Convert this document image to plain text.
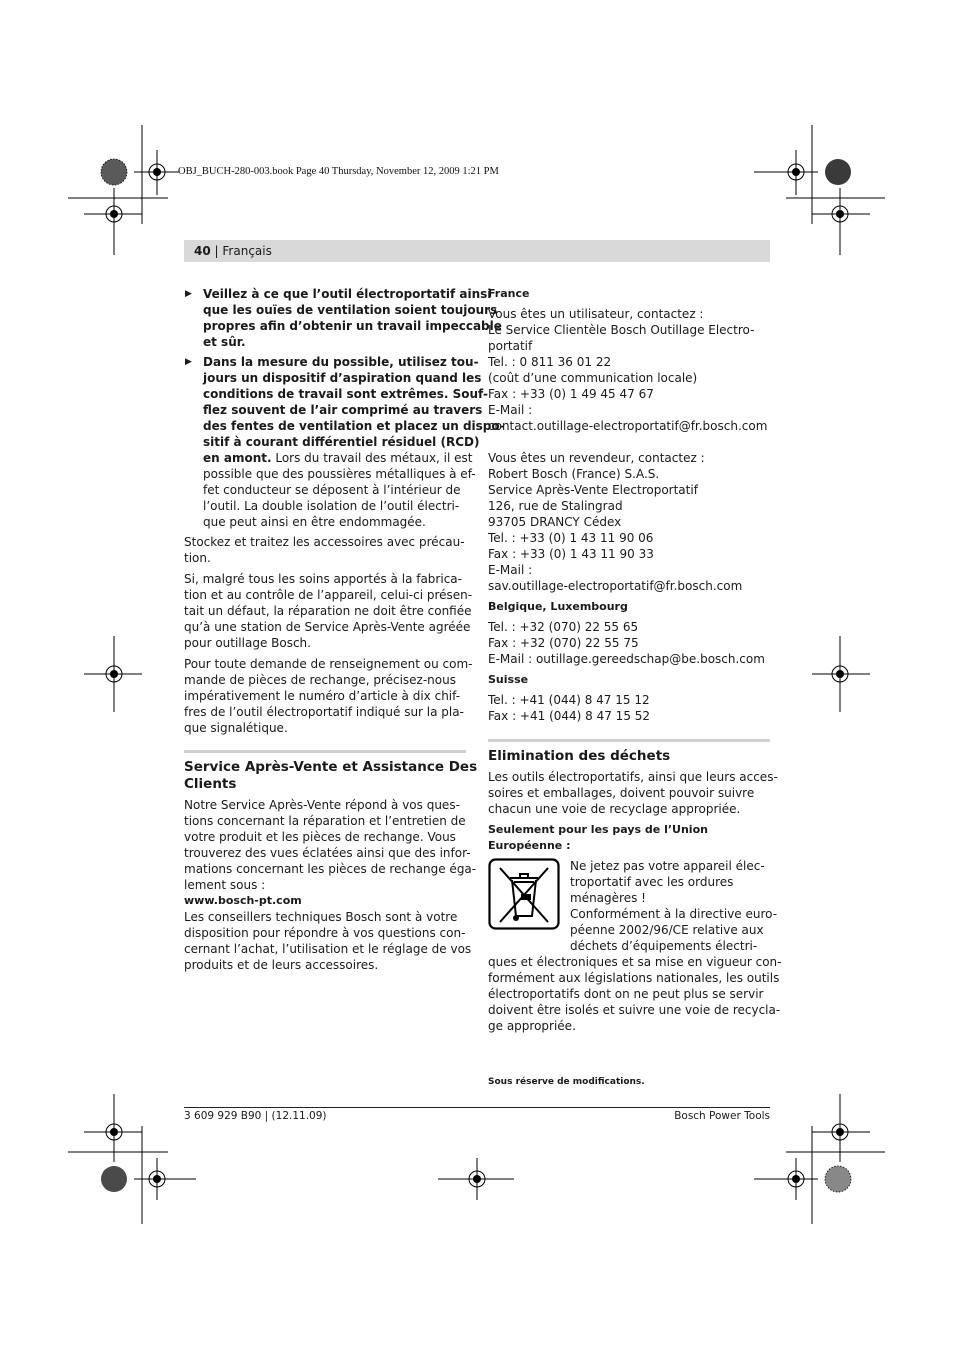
OBJ_BUCH-280-003.book Page 40 Thursday, November 12, 2009 1:21 PM
40 | Français
▶ Veillez à ce que l’outil électroportatif ainsi
que les ouïes de ventilation soient toujours
propres afin d’obtenir un travail impeccable
et sûr.
▶ Dans la mesure du possible, utilisez tou-
jours un dispositif d’aspiration quand les
conditions de travail sont extrêmes. Souf-
flez souvent de l’air comprimé au travers
des fentes de ventilation et placez un dispo-
sitif à courant différentiel résiduel (RCD)
en amont. Lors du travail des métaux, il est
possible que des poussières métalliques à ef-
fet conducteur se déposent à l’intérieur de
l’outil. La double isolation de l’outil électri-
que peut ainsi en être endommagée.
Stockez et traitez les accessoires avec précau-
tion.
Si, malgré tous les soins apportés à la fabrica-
tion et au contrôle de l’appareil, celui-ci présen-
tait un défaut, la réparation ne doit être confiée
qu’à une station de Service Après-Vente agréée
pour outillage Bosch.
Pour toute demande de renseignement ou com-
mande de pièces de rechange, précisez-nous
impérativement le numéro d’article à dix chif-
fres de l’outil électroportatif indiqué sur la pla-
que signalétique.
Service Après-Vente et Assistance Des
Clients
Notre Service Après-Vente répond à vos ques-
tions concernant la réparation et l’entretien de
votre produit et les pièces de rechange. Vous
trouverez des vues éclatées ainsi que des infor-
mations concernant les pièces de rechange éga-
lement sous :
www.bosch-pt.com
Les conseillers techniques Bosch sont à votre
disposition pour répondre à vos questions con-
cernant l’achat, l’utilisation et le réglage de vos
produits et de leurs accessoires.
France
Vous êtes un utilisateur, contactez :
Le Service Clientèle Bosch Outillage Electro-
portatif
Tel. : 0 811 36 01 22
(coût d’une communication locale)
Fax : +33 (0) 1 49 45 47 67
E-Mail :
contact.outillage-electroportatif@fr.bosch.com
Vous êtes un revendeur, contactez :
Robert Bosch (France) S.A.S.
Service Après-Vente Electroportatif
126, rue de Stalingrad
93705 DRANCY Cédex
Tel. : +33 (0) 1 43 11 90 06
Fax : +33 (0) 1 43 11 90 33
E-Mail :
sav.outillage-electroportatif@fr.bosch.com
Belgique, Luxembourg
Tel. : +32 (070) 22 55 65
Fax : +32 (070) 22 55 75
E-Mail : outillage.gereedschap@be.bosch.com
Suisse
Tel. : +41 (044) 8 47 15 12
Fax : +41 (044) 8 47 15 52
Elimination des déchets
Les outils électroportatifs, ainsi que leurs acces-
soires et emballages, doivent pouvoir suivre
chacun une voie de recyclage appropriée.
Seulement pour les pays de l’Union
Européenne :
Ne jetez pas votre appareil élec-
troportatif avec les ordures
ménagères !
Conformément à la directive euro-
péenne 2002/96/CE relative aux
déchets d’équipements électri-
ques et électroniques et sa mise en vigueur con-
formément aux législations nationales, les outils
électroportatifs dont on ne peut plus se servir
doivent être isolés et suivre une voie de recycla-
ge appropriée.
Sous réserve de modifications.
3 609 929 B90 | (12.11.09)	Bosch Power Tools
